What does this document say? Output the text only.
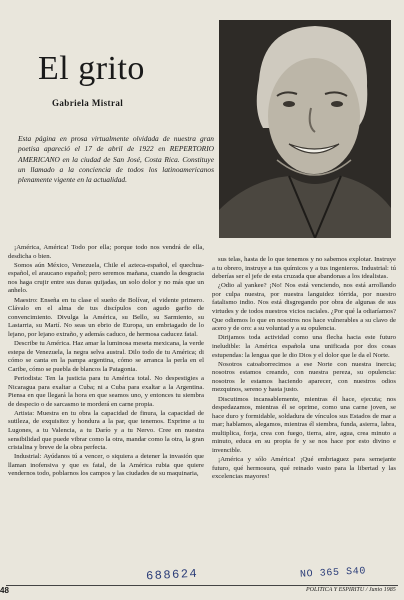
El grito
Gabriela Mistral
Esta página en prosa virtualmente olvidada de nuestra gran poetisa apareció el 17 de abril de 1922 en REPERTORIO AMERICANO en la ciudad de San José, Costa Rica. Constituye un llamado a la conciencia de todos los latinoamericanos plenamente vigente en la actualidad.

¡América, América! Todo por ella; porque todo nos vendrá de ella, desdicha o bien.

Somos aún México, Venezuela, Chile el azteca-español, el quechua-español, el araucano español; pero seremos mañana, cuando la desgracia nos haga crujir entre sus duras quijadas, un solo dolor y no más que un anhelo.

Maestro: Enseña en tu clase el sueño de Bolívar, el vidente primero. Clávalo en el alma de tus discípulos con agudo garfio de convencimiento. Divulga la América, su Bello, su Sarmiento, su Lastarria, su Martí. No seas un ebrio de Europa, un embriagado de lo lejano, por lejano extraño, y además caduco, de hermosa caducez fatal.

Describe tu América. Haz amar la luminosa meseta mexicana, la verde estepa de Venezuela, la negra selva austral. Dilo todo de tu América; di cómo se canta en la pampa argentina, cómo se arranca la perla en el Caribe, cómo se puebla de blancos la Patagonia.

Periodista: Ten la justicia para tu América total. No despestigies a Nicaragua para exaltar a Cuba; ni a Cuba para exaltar a la Argentina. Piensa en que llegará la hora en que seamos uno, y entonces tu siembra de despecio o de sarcasmo te morderá en carne propia.

Artista: Muestra en tu obra la capacidad de finura, la capacidad de sutileza, de exquisitez y hondura a la par, que tenemos. Exprime a tu Lugones, a tu Valencia, a tu Darío y a tu Nervo. Cree en nuestra sensibilidad que puede vibrar como la otra, mandar como la otra, la gran cristalina y breve de la obra perfecta.

Industrial: Ayúdanos tú a vencer, o siquiera a detener la invasión que llaman inofensiva y que es fatal, de la América rubia que quiere vendernos todo, poblarnos los campos y las ciudades de su maquinaria,

sus telas, hasta de lo que tenemos y no sabemos explotar. Instruye a tu obrero, instruye a tus químicos y a tus ingenieros. Industrial: tú deberías ser el jefe de esta cruzada que abandonas a los idealistas.

¿Odio al yankee? ¡No! Nos está venciendo, nos está arrollando por culpa nuestra, por nuestra languidez tórrida, por nuestro fatalismo indio. Nos está disgregando por obra de algunas de sus virtudes y de todos nuestros vicios raciales. ¿Por qué la odiaríamos? Que odiemos lo que en nosotros nos hace vulnerables a su clavo de acero y de oro: a su voluntad y a su opulencia.

Dirijamos toda actividad como una flecha hacia este futuro ineludible: la América española una unificada por dos cosas estupendas: la lengua que le dio Dios y el dolor que le da el Norte.

Nosotros catoaborrecimos a ese Norte con nuestra inercia; nosotros estamos creando, con nuestra pereza, su opulencia: nosotros le estamos haciendo aparecer, con nuestros odios mezquinos, sereno y hasta justo.

Discutimos incansablemente, mientras él hace, ejecuta; nos despedazamos, mientras él se oprime, como una carne joven, se hace duro y formidable, soldadura de vínculos sus Estados de mar a mar; hablamos, alegamos, mientras él siembra, funda, asierra, labra, multiplica, forja, crea con fuego, tierra, aire, agua, crea minuto a minuto, educa en su propia fe y se nos hace por esto divino e invencible.

¡América y sólo América! ¡Qué embriaguez para semejante futuro, qué hermosura, qué reinado vasto para la libertad y las excelencias mayores!

688624	NO 365 S40
48	POLITICA Y ESPIRITU / Junio 1985
